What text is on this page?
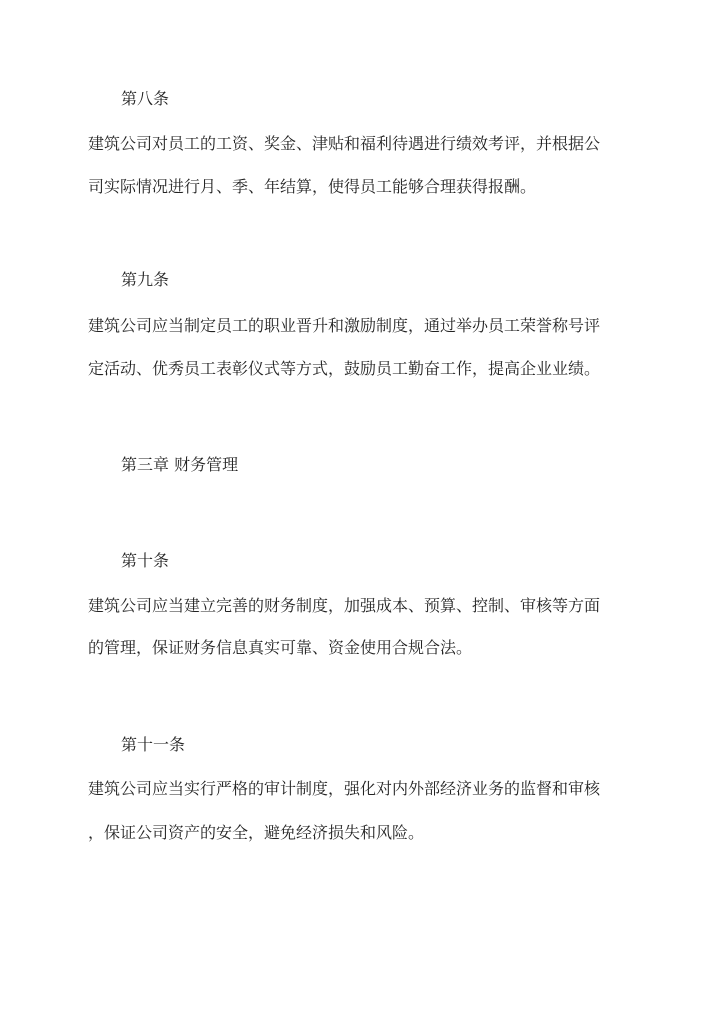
第八条
建筑公司对员工的工资、奖金、津贴和福利待遇进行绩效考评，并根据公
司实际情况进行月、季、年结算，使得员工能够合理获得报酬。
第九条
建筑公司应当制定员工的职业晋升和激励制度，通过举办员工荣誉称号评
定活动、优秀员工表彰仪式等方式，鼓励员工勤奋工作，提高企业业绩。
第三章 财务管理
第十条
建筑公司应当建立完善的财务制度，加强成本、预算、控制、审核等方面
的管理，保证财务信息真实可靠、资金使用合规合法。
第十一条
建筑公司应当实行严格的审计制度，强化对内外部经济业务的监督和审核
，保证公司资产的安全，避免经济损失和风险。
